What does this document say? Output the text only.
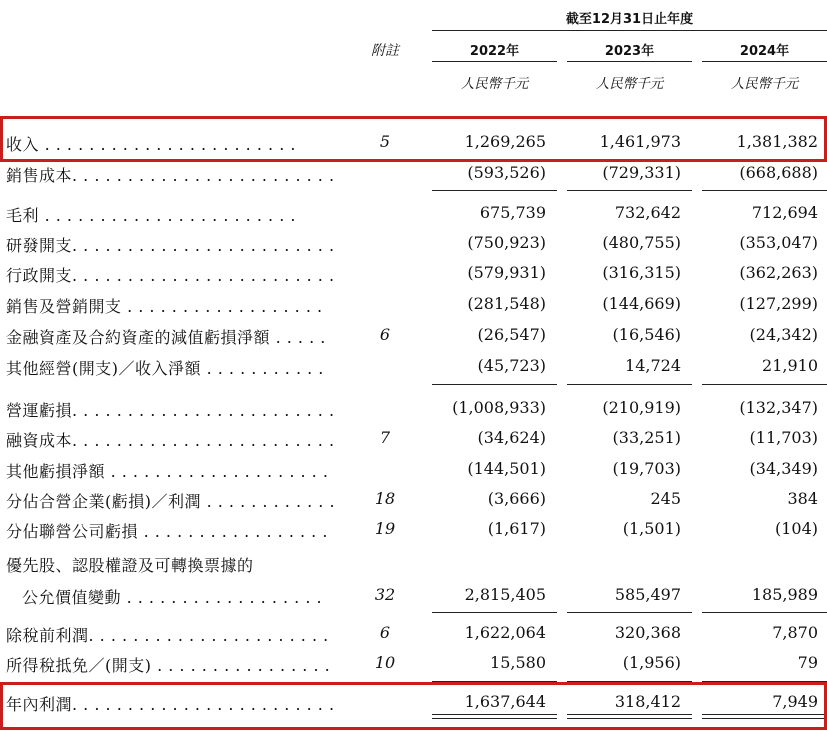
截至12月31日止年度
附註	2022年	2023年	2024年
人民幣千元	人民幣千元	人民幣千元
收入 . . . . . . . . . . . . . . . . . . . . . . .	5	1,269,265	1,461,973	1,381,382
銷售成本. . . . . . . . . . . . . . . . . . . . . . . .	(593,526)	(729,331)	(668,688)
毛利 . . . . . . . . . . . . . . . . . . . . . . .	675,739	732,642	712,694
研發開支. . . . . . . . . . . . . . . . . . . . . . . .	(750,923)	(480,755)	(353,047)
行政開支. . . . . . . . . . . . . . . . . . . . . . . .	(579,931)	(316,315)	(362,263)
銷售及營銷開支 . . . . . . . . . . . . . . . . . .	(281,548)	(144,669)	(127,299)
金融資產及合約資產的減值虧損淨額 . . . . .	6	(26,547)	(16,546)	(24,342)
其他經營(開支)／收入淨額 . . . . . . . . . . .	(45,723)	14,724	21,910
營運虧損. . . . . . . . . . . . . . . . . . . . . . . .	(1,008,933)	(210,919)	(132,347)
融資成本. . . . . . . . . . . . . . . . . . . . . . . .	7	(34,624)	(33,251)	(11,703)
其他虧損淨額 . . . . . . . . . . . . . . . . . . . .	(144,501)	(19,703)	(34,349)
分佔合營企業(虧損)／利潤 . . . . . . . . . . . .	18	(3,666)	245	384
分佔聯營公司虧損 . . . . . . . . . . . . . . . . .	19	(1,617)	(1,501)	(104)
優先股、認股權證及可轉換票據的
公允價值變動 . . . . . . . . . . . . . . . . . .	32	2,815,405	585,497	185,989
除稅前利潤. . . . . . . . . . . . . . . . . . . . . .	6	1,622,064	320,368	7,870
所得稅抵免／(開支) . . . . . . . . . . . . . . . .	10	15,580	(1,956)	79
年內利潤. . . . . . . . . . . . . . . . . . . . . . . .	1,637,644	318,412	7,949
